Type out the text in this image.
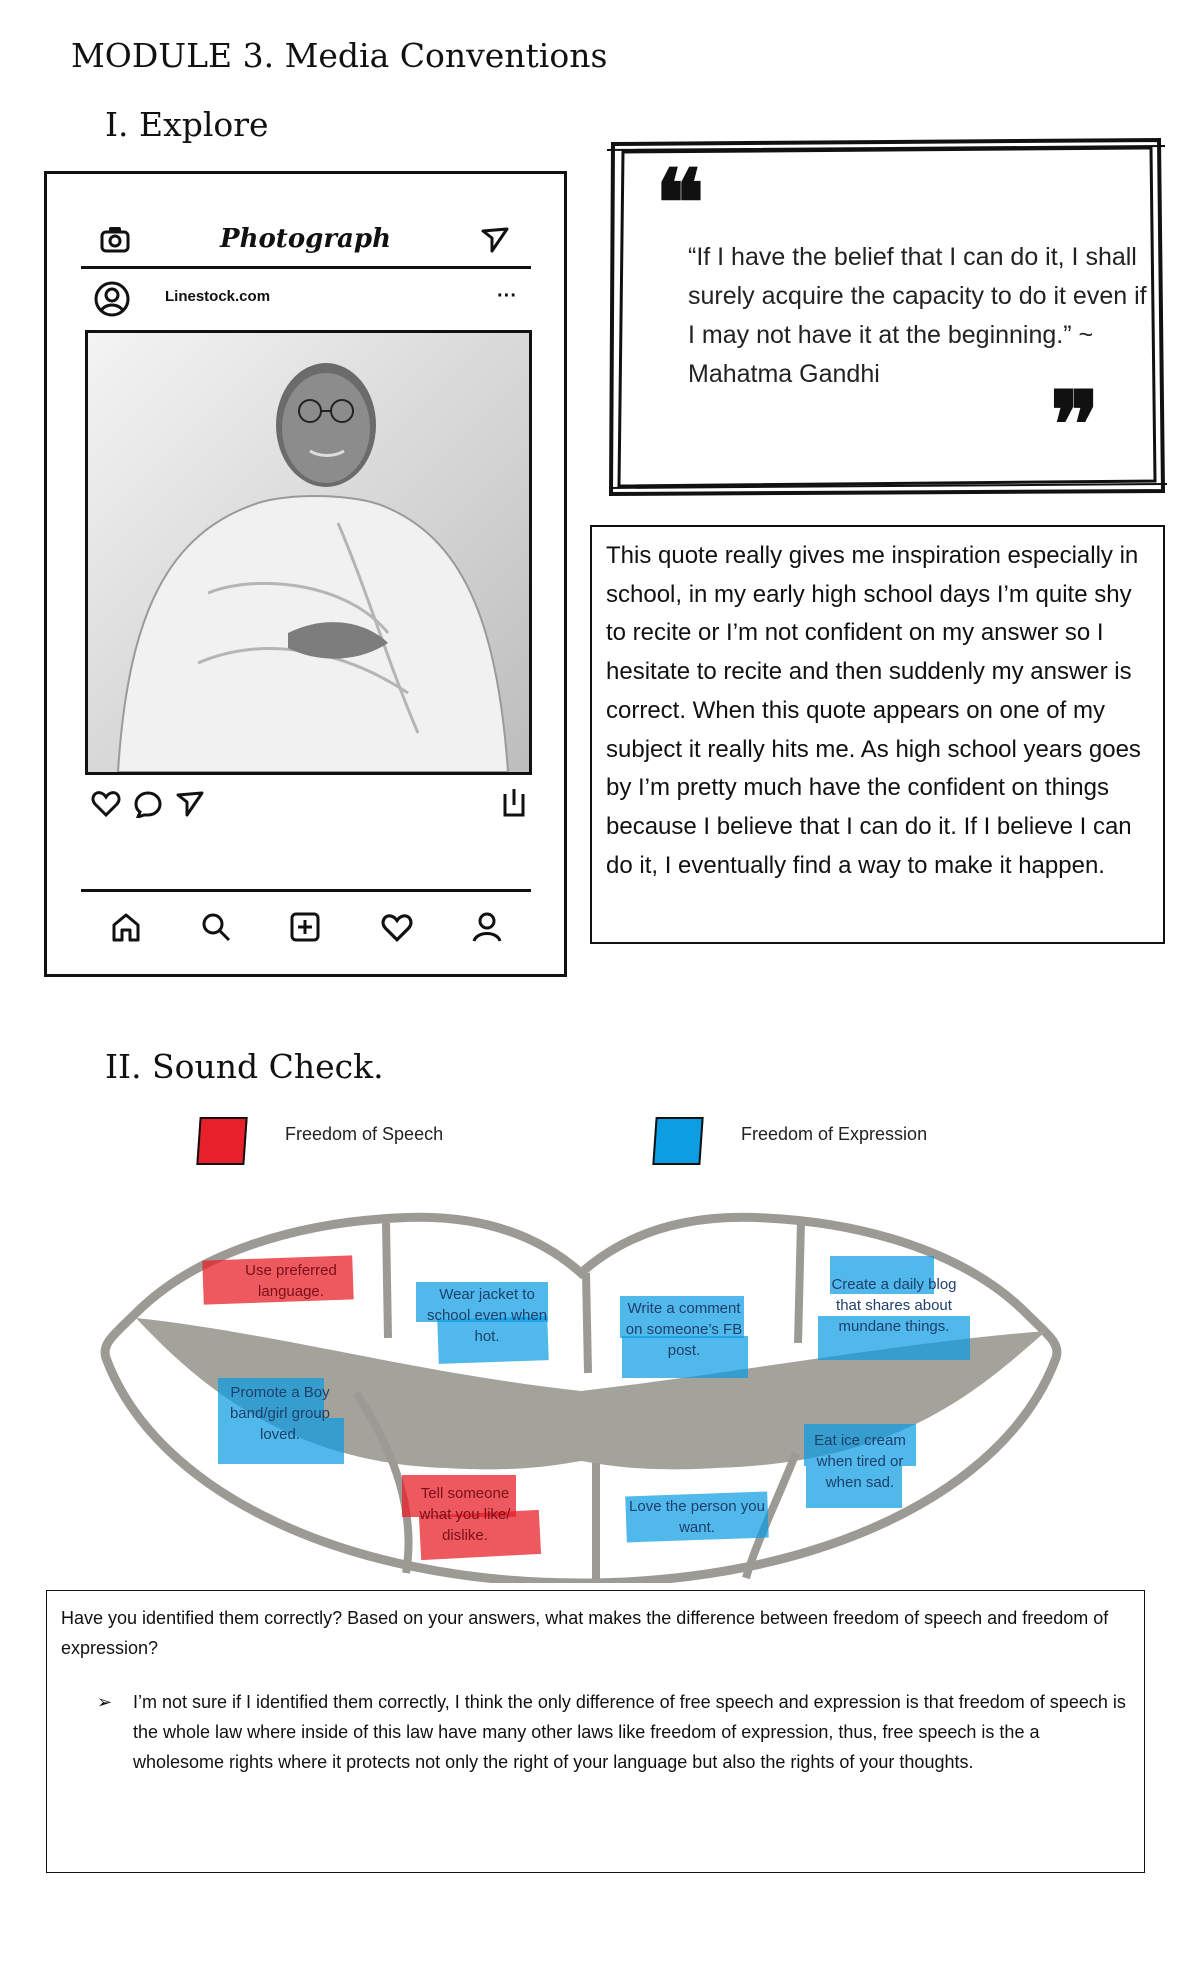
MODULE 3. Media Conventions
I. Explore
Photograph
Linestock.com	···
❝
“If I have the belief that I can do it, I shall surely acquire the capacity to do it even if I may not have it at the beginning.” ~ Mahatma Gandhi
❞
This quote really gives me inspiration especially in school, in my early high school days I’m quite shy to recite or I’m not confident on my answer so I hesitate to recite and then suddenly my answer is correct. When this quote appears on one of my subject it really hits me. As high school years goes by I’m pretty much have the confident on things because I believe that I can do it. If I believe I can do it, I eventually find a way to make it happen.
II. Sound Check.
Freedom of Speech	Freedom of Expression
Use preferred language.	Wear jacket to school even when hot.
Write a comment on someone’s FB post.
Create a daily blog that shares about mundane things.
Promote a Boy band/girl group loved.
Tell someone what you like/ dislike.
Love the person you want.
Eat ice cream when tired or when sad.
Have you identified them correctly? Based on your answers, what makes the difference between freedom of speech and freedom of expression?
➢ I’m not sure if I identified them correctly, I think the only difference of free speech and expression is that freedom of speech is the whole law where inside of this law have many other laws like freedom of expression, thus, free speech is the a wholesome rights where it protects not only the right of your language but also the rights of your thoughts.
